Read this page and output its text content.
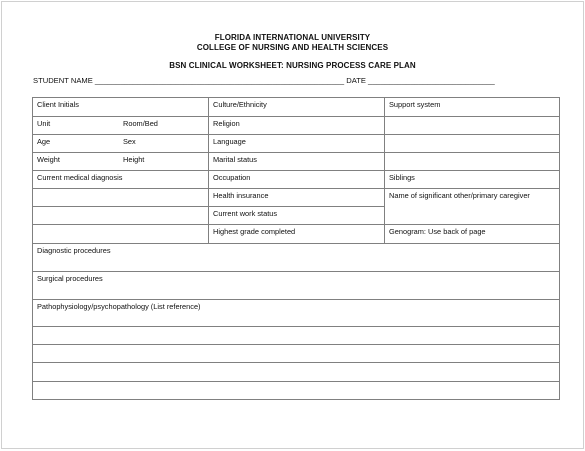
FLORIDA INTERNATIONAL UNIVERSITY
COLLEGE OF NURSING AND HEALTH SCIENCES
BSN CLINICAL WORKSHEET: NURSING PROCESS CARE PLAN
STUDENT NAME ___________________________________________________________ DATE ______________________________
Client Initials	Culture/Ethnicity	Support system

Unit Room/Bed	Religion	

Age Sex	Language	

Weight Height	Marital status	
Current medical diagnosis	Occupation	Siblings
	Health insurance	Name of significant other/primary caregiver
	Current work status	
	Highest grade completed	Genogram: Use back of page
Diagnostic procedures		
Surgical procedures		
Pathophysiology/psychopathology (List reference)		
